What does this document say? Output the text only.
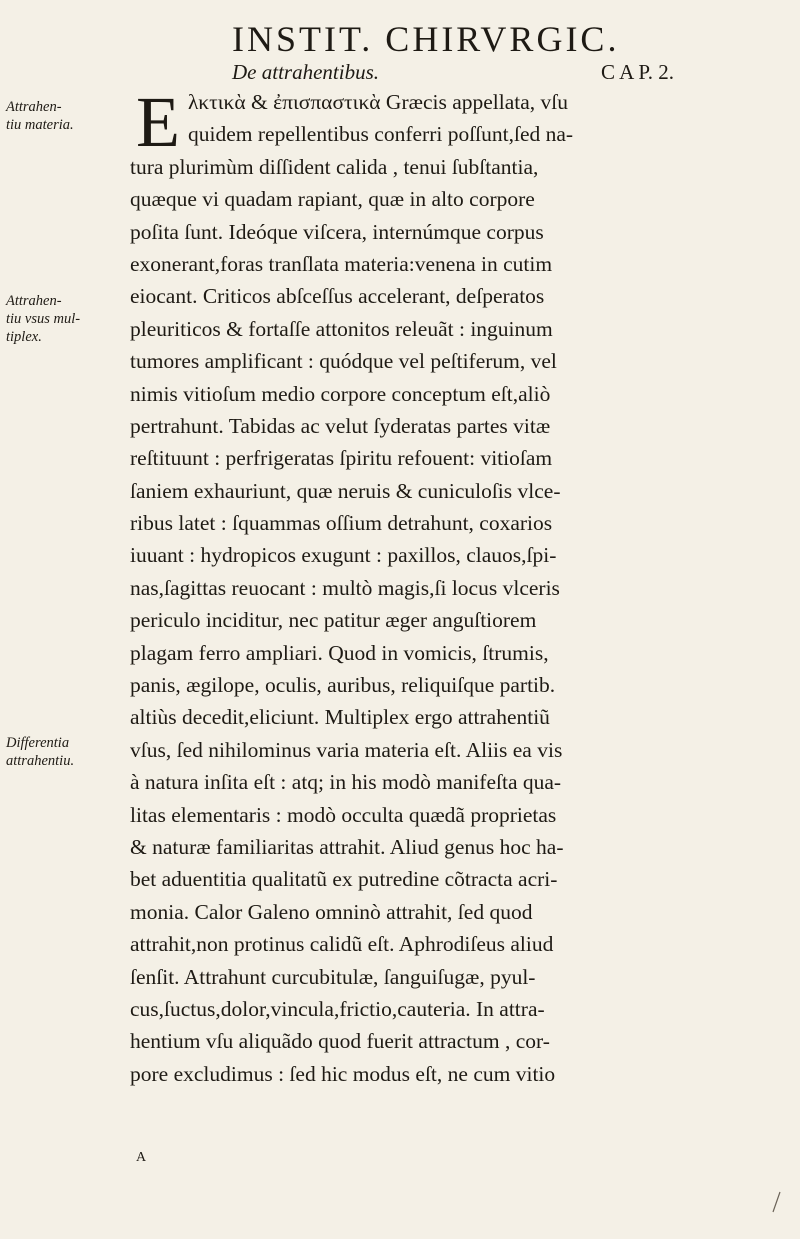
INSTIT. CHIRVRGIC.
De attrahentibus.	C A P. 2.
Attrahen-
tiu materia.
Attrahen-
tiu vsus mul-
tiplex.
Differentia
attrahentiu.
E λκτικὰ & ἐπισπαστικὰ Græcis appellata, vſu
quidem repellentibus conferri poſſunt,ſed na-
tura plurimùm diſſident calida , tenui ſubſtantia,
quæque vi quadam rapiant, quæ in alto corpore
poſita ſunt. Ideóque viſcera, internúmque corpus
exonerant,foras tranſlata materia:venena in cutim
eiocant. Criticos abſceſſus accelerant, deſperatos
pleuriticos & fortaſſe attonitos releuãt : inguinum
tumores amplificant : quódque vel peſtiferum, vel
nimis vitioſum medio corpore conceptum eſt,aliò
pertrahunt. Tabidas ac velut ſyderatas partes vitæ
reſtituunt : perfrigeratas ſpiritu refouent: vitioſam
ſaniem exhauriunt, quæ neruis & cuniculoſis vlce-
ribus latet : ſquammas oſſium detrahunt, coxarios
iuuant : hydropicos exugunt : paxillos, clauos,ſpi-
nas,ſagittas reuocant : multò magis,ſi locus vlceris
periculo inciditur, nec patitur æger anguſtiorem
plagam ferro ampliari. Quod in vomicis, ſtrumis,
panis, ægilope, oculis, auribus, reliquiſque partib.
altiùs decedit,eliciunt. Multiplex ergo attrahentiũ
vſus, ſed nihilominus varia materia eſt. Aliis ea vis
à natura inſita eſt : atq; in his modò manifeſta qua-
litas elementaris : modò occulta quædã proprietas
& naturæ familiaritas attrahit. Aliud genus hoc ha-
bet aduentitia qualitatũ ex putredine cõtracta acri-
monia. Calor Galeno omninò attrahit, ſed quod
attrahit,non protinus calidũ eſt. Aphrodiſeus aliud
ſenſit. Attrahunt curcubitulæ, ſanguiſugæ, pyul-
cus,ſuctus,dolor,vincula,frictio,cauteria. In attra-
hentium vſu aliquãdo quod fuerit attractum , cor-
pore excludimus : ſed hic modus eſt, ne cum vitio
A
